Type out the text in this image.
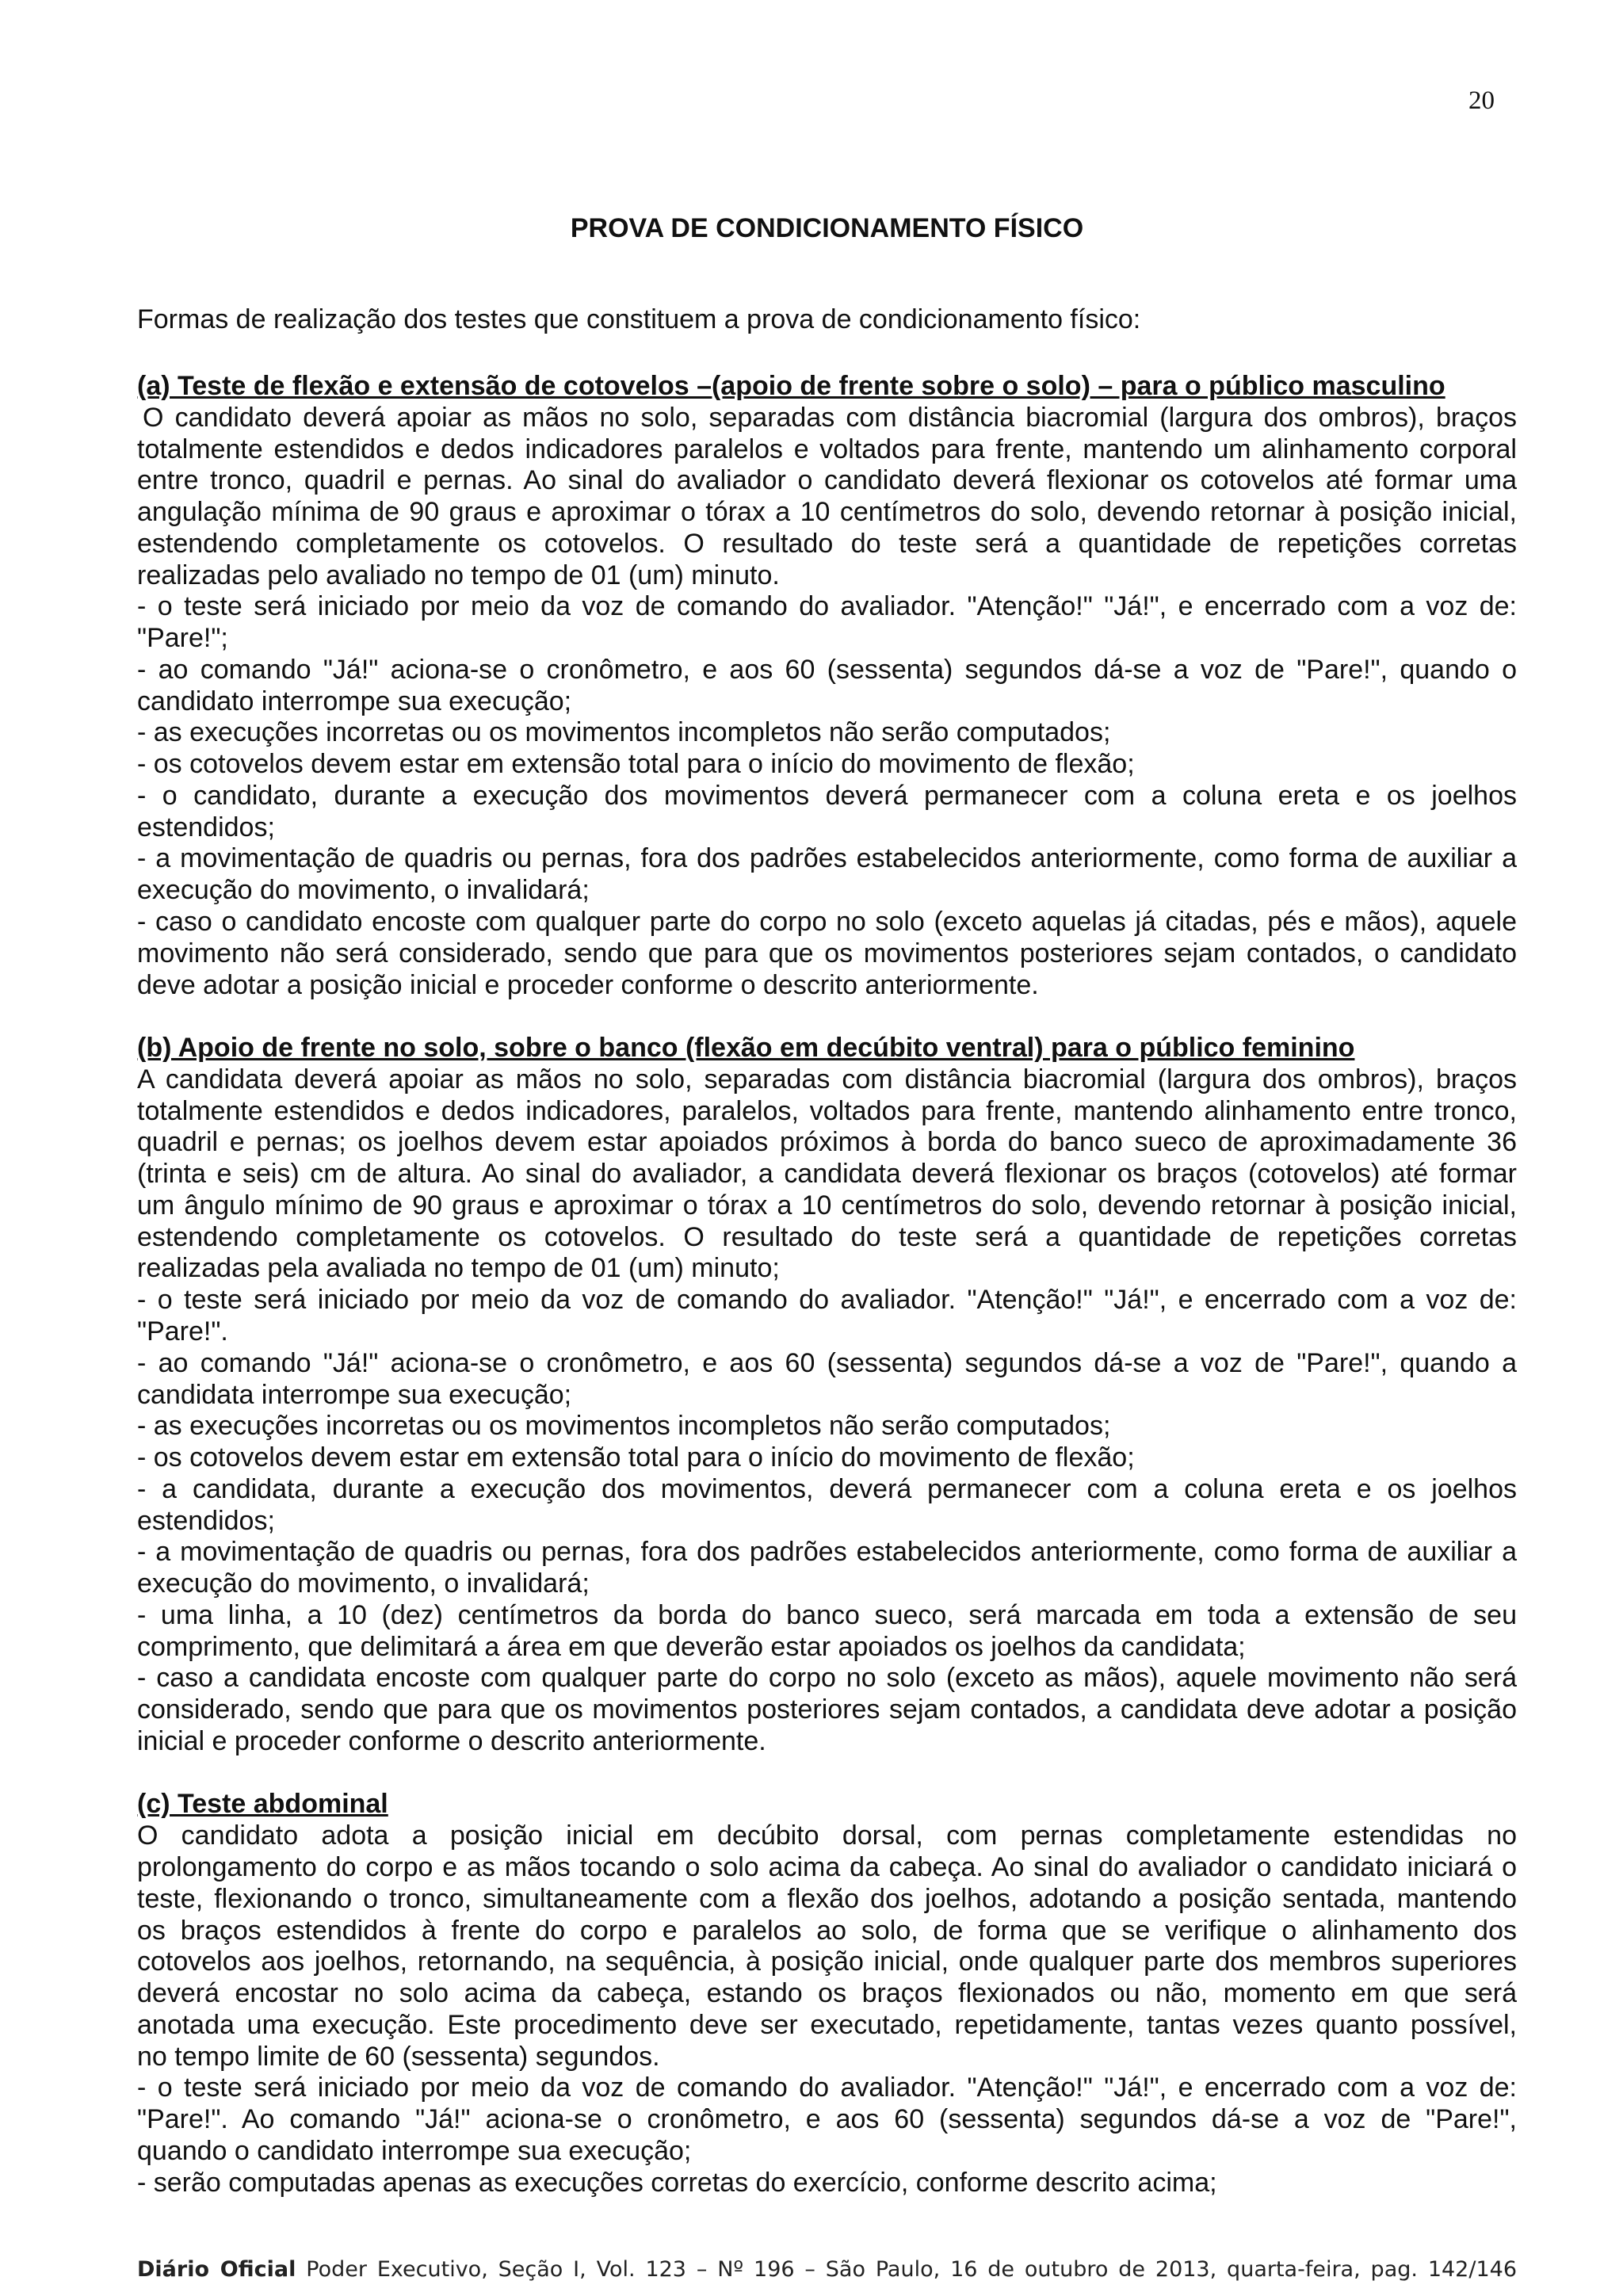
20
PROVA DE CONDICIONAMENTO FÍSICO
Formas de realização dos testes que constituem a prova de condicionamento físico:
(a) Teste de flexão e extensão de cotovelos –(apoio de frente sobre o solo) – para o público masculino
O candidato deverá apoiar as mãos no solo, separadas com distância biacromial (largura dos ombros), braços
totalmente estendidos e dedos indicadores paralelos e voltados para frente, mantendo um alinhamento corporal
entre tronco, quadril e pernas. Ao sinal do avaliador o candidato deverá flexionar os cotovelos até formar uma
angulação mínima de 90 graus e aproximar o tórax a 10 centímetros do solo, devendo retornar à posição inicial,
estendendo completamente os cotovelos. O resultado do teste será a quantidade de repetições corretas
realizadas pelo avaliado no tempo de 01 (um) minuto.
- o teste será iniciado por meio da voz de comando do avaliador. "Atenção!" "Já!", e encerrado com a voz de:
"Pare!";
- ao comando "Já!" aciona-se o cronômetro, e aos 60 (sessenta) segundos dá-se a voz de "Pare!", quando o
candidato interrompe sua execução;
- as execuções incorretas ou os movimentos incompletos não serão computados;
- os cotovelos devem estar em extensão total para o início do movimento de flexão;
- o candidato, durante a execução dos movimentos deverá permanecer com a coluna ereta e os joelhos
estendidos;
- a movimentação de quadris ou pernas, fora dos padrões estabelecidos anteriormente, como forma de auxiliar a
execução do movimento, o invalidará;
- caso o candidato encoste com qualquer parte do corpo no solo (exceto aquelas já citadas, pés e mãos), aquele
movimento não será considerado, sendo que para que os movimentos posteriores sejam contados, o candidato
deve adotar a posição inicial e proceder conforme o descrito anteriormente.
(b) Apoio de frente no solo, sobre o banco (flexão em decúbito ventral) para o público feminino
A candidata deverá apoiar as mãos no solo, separadas com distância biacromial (largura dos ombros), braços
totalmente estendidos e dedos indicadores, paralelos, voltados para frente, mantendo alinhamento entre tronco,
quadril e pernas; os joelhos devem estar apoiados próximos à borda do banco sueco de aproximadamente 36
(trinta e seis) cm de altura. Ao sinal do avaliador, a candidata deverá flexionar os braços (cotovelos) até formar
um ângulo mínimo de 90 graus e aproximar o tórax a 10 centímetros do solo, devendo retornar à posição inicial,
estendendo completamente os cotovelos. O resultado do teste será a quantidade de repetições corretas
realizadas pela avaliada no tempo de 01 (um) minuto;
- o teste será iniciado por meio da voz de comando do avaliador. "Atenção!" "Já!", e encerrado com a voz de:
"Pare!".
- ao comando "Já!" aciona-se o cronômetro, e aos 60 (sessenta) segundos dá-se a voz de "Pare!", quando a
candidata interrompe sua execução;
- as execuções incorretas ou os movimentos incompletos não serão computados;
- os cotovelos devem estar em extensão total para o início do movimento de flexão;
- a candidata, durante a execução dos movimentos, deverá permanecer com a coluna ereta e os joelhos
estendidos;
- a movimentação de quadris ou pernas, fora dos padrões estabelecidos anteriormente, como forma de auxiliar a
execução do movimento, o invalidará;
- uma linha, a 10 (dez) centímetros da borda do banco sueco, será marcada em toda a extensão de seu
comprimento, que delimitará a área em que deverão estar apoiados os joelhos da candidata;
- caso a candidata encoste com qualquer parte do corpo no solo (exceto as mãos), aquele movimento não será
considerado, sendo que para que os movimentos posteriores sejam contados, a candidata deve adotar a posição
inicial e proceder conforme o descrito anteriormente.
(c) Teste abdominal
O candidato adota a posição inicial em decúbito dorsal, com pernas completamente estendidas no
prolongamento do corpo e as mãos tocando o solo acima da cabeça. Ao sinal do avaliador o candidato iniciará o
teste, flexionando o tronco, simultaneamente com a flexão dos joelhos, adotando a posição sentada, mantendo
os braços estendidos à frente do corpo e paralelos ao solo, de forma que se verifique o alinhamento dos
cotovelos aos joelhos, retornando, na sequência, à posição inicial, onde qualquer parte dos membros superiores
deverá encostar no solo acima da cabeça, estando os braços flexionados ou não, momento em que será
anotada uma execução. Este procedimento deve ser executado, repetidamente, tantas vezes quanto possível,
no tempo limite de 60 (sessenta) segundos.
- o teste será iniciado por meio da voz de comando do avaliador. "Atenção!" "Já!", e encerrado com a voz de:
"Pare!". Ao comando "Já!" aciona-se o cronômetro, e aos 60 (sessenta) segundos dá-se a voz de "Pare!",
quando o candidato interrompe sua execução;
- serão computadas apenas as execuções corretas do exercício, conforme descrito acima;
Diário Oficial Poder Executivo, Seção I, Vol. 123 – Nº 196 – São Paulo, 16 de outubro de 2013, quarta-feira, pag. 142/146
